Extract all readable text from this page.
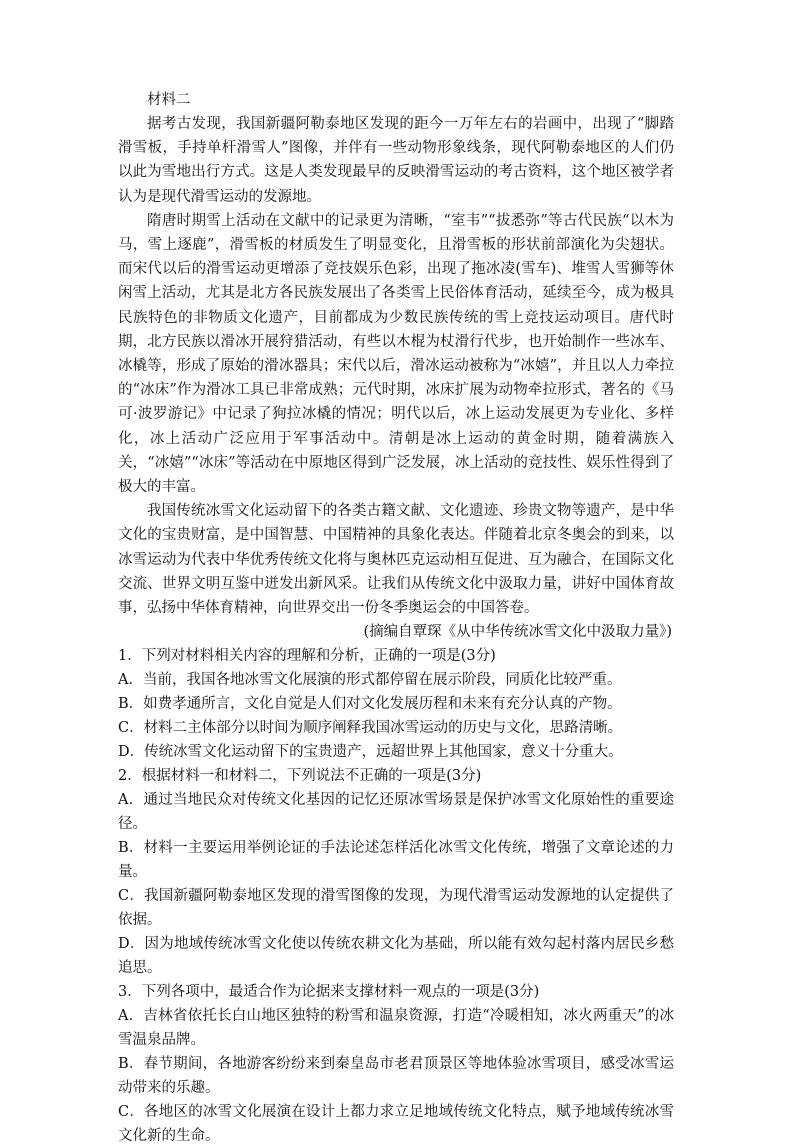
材料二

据考古发现，我国新疆阿勒泰地区发现的距今一万年左右的岩画中，出现了“脚踏滑雪板，手持单杆滑雪人”图像，并伴有一些动物形象线条，现代阿勒泰地区的人们仍以此为雪地出行方式。这是人类发现最早的反映滑雪运动的考古资料，这个地区被学者认为是现代滑雪运动的发源地。

隋唐时期雪上活动在文献中的记录更为清晰，“室韦”“拔悉弥”等古代民族“以木为马，雪上逐鹿”，滑雪板的材质发生了明显变化，且滑雪板的形状前部演化为尖翅状。而宋代以后的滑雪运动更增添了竞技娱乐色彩，出现了拖冰凌(雪车)、堆雪人雪狮等休闲雪上活动，尤其是北方各民族发展出了各类雪上民俗体育活动，延续至今，成为极具民族特色的非物质文化遗产，目前都成为少数民族传统的雪上竞技运动项目。唐代时期，北方民族以滑冰开展狩猎活动，有些以木棍为杖滑行代步，也开始制作一些冰车、冰橇等，形成了原始的滑冰器具；宋代以后，滑冰运动被称为“冰嬉”，并且以人力牵拉的“冰床”作为滑冰工具已非常成熟；元代时期，冰床扩展为动物牵拉形式，著名的《马可·波罗游记》中记录了狗拉冰橇的情况；明代以后，冰上运动发展更为专业化、多样化，冰上活动广泛应用于军事活动中。清朝是冰上运动的黄金时期，随着满族入关，“冰嬉”“冰床”等活动在中原地区得到广泛发展，冰上活动的竞技性、娱乐性得到了极大的丰富。

我国传统冰雪文化运动留下的各类古籍文献、文化遗迹、珍贵文物等遗产，是中华文化的宝贵财富，是中国智慧、中国精神的具象化表达。伴随着北京冬奥会的到来，以冰雪运动为代表中华优秀传统文化将与奥林匹克运动相互促进、互为融合，在国际文化交流、世界文明互鉴中迸发出新风采。让我们从传统文化中汲取力量，讲好中国体育故事，弘扬中华体育精神，向世界交出一份冬季奥运会的中国答卷。

(摘编自覃琛《从中华传统冰雪文化中汲取力量》)

1．下列对材料相关内容的理解和分析，正确的一项是(3分)

A．当前，我国各地冰雪文化展演的形式都停留在展示阶段，同质化比较严重。

B．如费孝通所言，文化自觉是人们对文化发展历程和未来有充分认真的产物。

C．材料二主体部分以时间为顺序阐释我国冰雪运动的历史与文化，思路清晰。

D．传统冰雪文化运动留下的宝贵遗产，远超世界上其他国家，意义十分重大。

2．根据材料一和材料二，下列说法不正确的一项是(3分)

A．通过当地民众对传统文化基因的记忆还原冰雪场景是保护冰雪文化原始性的重要途径。

B．材料一主要运用举例论证的手法论述怎样活化冰雪文化传统，增强了文章论述的力量。

C．我国新疆阿勒泰地区发现的滑雪图像的发现，为现代滑雪运动发源地的认定提供了依据。

D．因为地域传统冰雪文化使以传统农耕文化为基础，所以能有效勾起村落内居民乡愁追思。

3．下列各项中，最适合作为论据来支撑材料一观点的一项是(3分)

A．吉林省依托长白山地区独特的粉雪和温泉资源，打造“冷暖相知，冰火两重天”的冰雪温泉品牌。

B．春节期间，各地游客纷纷来到秦皇岛市老君顶景区等地体验冰雪项目，感受冰雪运动带来的乐趣。

C．各地区的冰雪文化展演在设计上都力求立足地域传统文化特点，赋予地域传统冰雪文化新的生命。
